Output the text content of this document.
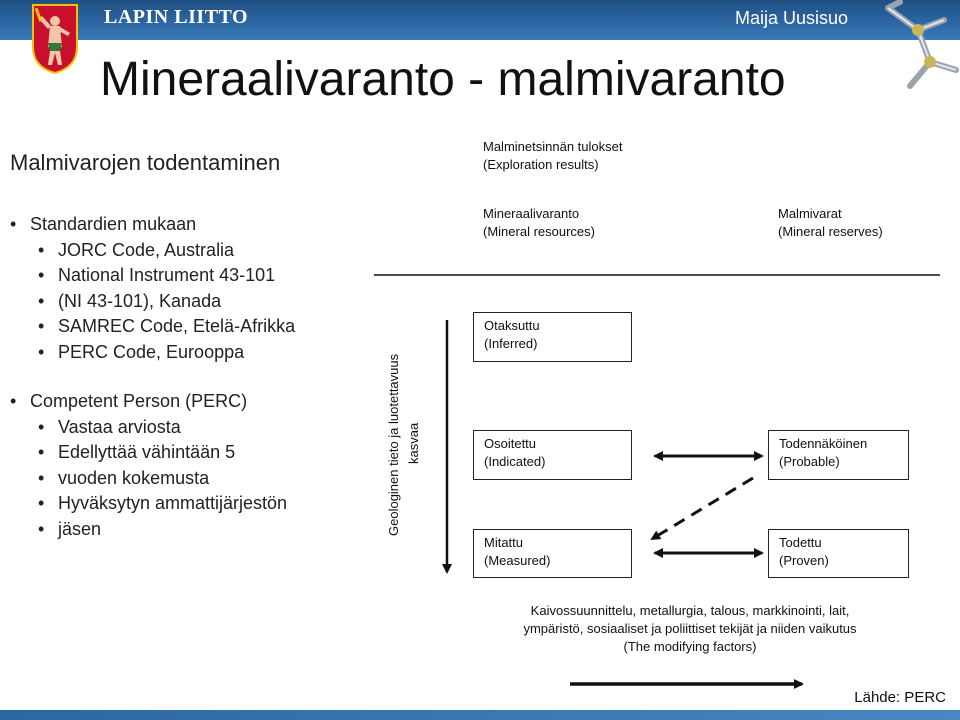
LAPIN LIITTO	Maija Uusisuo
Mineraalivaranto - malmivaranto
Malmivarojen todentaminen
• Standardien mukaan
• JORC Code, Australia
• National Instrument 43-101
• (NI 43-101), Kanada
• SAMREC Code, Etelä-Afrikka
• PERC Code, Eurooppa
• Competent Person (PERC)
• Vastaa arviosta
• Edellyttää vähintään 5
• vuoden kokemusta
• Hyväksytyn ammattijärjestön
• jäsen
Malminetsinnän tulokset
(Exploration results)
Mineraalivaranto
(Mineral resources)
Malmivarat
(Mineral reserves)
Geologinen tieto ja luotettavuus kasvaa
Otaksuttu
(Inferred)
Osoitettu
(Indicated)
Mitattu
(Measured)
Todennäköinen
(Probable)
Todettu
(Proven)
Kaivossuunnittelu, metallurgia, talous, markkinointi, lait,
ympäristö, sosiaaliset ja poliittiset tekijät ja niiden vaikutus
(The modifying factors)
Lähde: PERC
